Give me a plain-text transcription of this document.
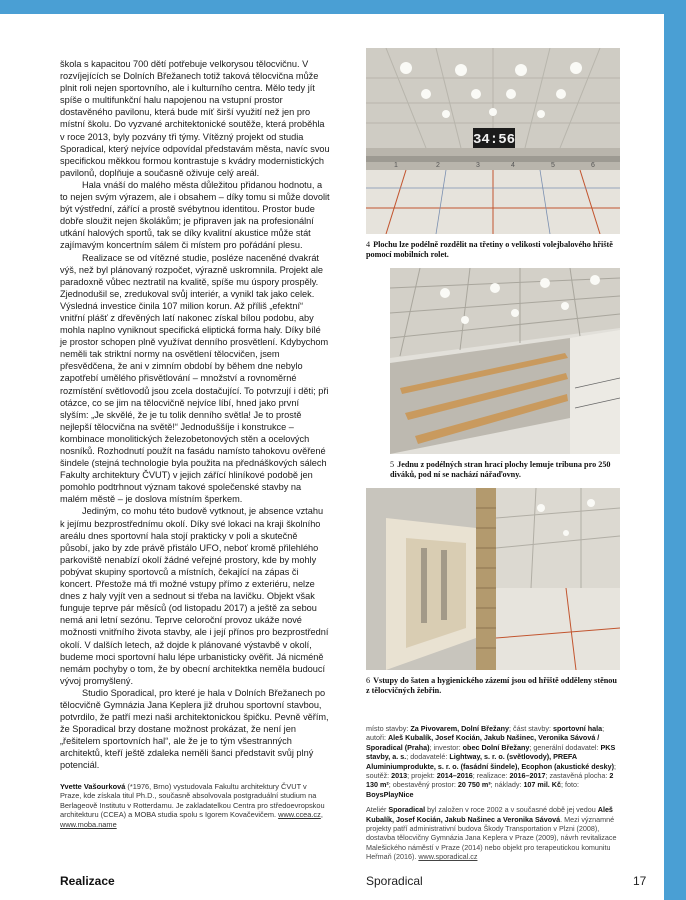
škola s kapacitou 700 dětí potřebuje velkorysou tělocvičnu. V rozvíjejících se Dolních Břežanech totiž taková tělocvična může plnit roli nejen sportovního, ale i kulturního centra. Mělo tedy jít spíše o multifunkční halu napojenou na vstupní prostor dostavěného pavilonu, která bude míť širší využití než jen pro místní školu. Do vyzvané architektonické soutěže, která proběhla v roce 2013, byly pozvány tři týmy. Vítězný projekt od studia Sporadical, který nejvíce odpovídal představám města, navíc svou specifickou měkkou formou kontrastuje s kvádry modernistických pavilonů, doplňuje a současně oživuje celý areál.

Hala vnáší do malého města důležitou přidanou hodnotu, a to nejen svým výrazem, ale i obsahem – díky tomu si může dovolit být výstřední, zářící a prostě svébytnou identitou. Prostor bude dobře sloužit nejen školákům; je připraven jak na profesionální utkání halových sportů, tak se díky kvalitní akustice může stát zajímavým koncertním sálem či místem pro pořádání plesu.

Realizace se od vítězné studie, posléze naceněné dvakrát výš, než byl plánovaný rozpočet, výrazně uskromnila. Projekt ale paradoxně vůbec neztratil na kvalitě, spíše mu úspory prospěly. Zjednodušil se, zredukoval svůj interiér, a vynikl tak jako celek. Výsledná investice činila 107 milion korun. Až příliš „efektní“ vnitřní plášť z dřevěných latí nakonec získal bílou podobu, aby mohla naplno vyniknout specifická eliptická forma haly. Díky bílé je prostor schopen plně využívat denního prosvětlení. Kdybychom neměli tak striktní normy na osvětlení tělocvičen, jsem přesvědčena, že ani v zimním období by během dne nebylo zapotřebí umělého přisvětlování – množství a rovnoměrné rozmístění světlovodů jsou zcela dostačující. To potvrzují i děti; při otázce, co se jim na tělocvičně nejvíce líbí, hned jako první slyším: „Je skvělé, že je tu tolik denního světla! Je to prostě nejlepší tělocvična na světě!“ Jednoduššíje i konstrukce – kombinace monolitických železobetonových stěn a ocelových nosníků. Rozhodnutí použít na fasádu namísto tahokovu ověřené šindele (stejná technologie byla použita na přednáškových sálech Fakulty architektury ČVUT) v jejich zářící hliníkové podobě jen pomohlo podtrhnout význam takové společenské stavby na malém městě – je doslova místním šperkem.

Jediným, co mohu této budově vytknout, je absence vztahu k jejímu bezprostřednímu okolí. Díky své lokaci na kraji školního areálu dnes sportovní hala stojí prakticky v poli a skutečně působí, jako by zde právě přistálo UFO, neboť kromě přilehlého parkoviště nenabízí okolí žádné veřejné prostory, kde by mohly pobývat skupiny sportovců a místních, čekající na zápas či koncert. Přestože má tři možné vstupy přímo z exteriéru, nelze dnes z haly vyjít ven a sednout si třeba na lavičku. Objekt však funguje teprve pár měsíců (od listopadu 2017) a ještě za sebou nemá ani letní sezónu. Teprve celoroční provoz ukáže nové možnosti vnitřního života stavby, ale i její přínos pro bezprostřední okolí. V dalších letech, až dojde k plánované výstavbě v okolí, budeme moci sportovní halu lépe urbanisticky ověřit. Já nicméně nemám pochyby o tom, že by obecní architektka neměla budoucí vývoj promyšlený.

Studio Sporadical, pro které je hala v Dolních Břežanech po tělocvičně Gymnázia Jana Keplera již druhou sportovní stavbou, potvrdilo, že patří mezi naši architektonickou špičku. Pevně věřím, že Sporadical brzy dostane možnost prokázat, že není jen „řešitelem sportovních hal“, ale že je to tým všestranných architektů, kteří ještě zdaleka neměli šanci představit svůj plný potenciál.

Yvette Vašourková (*1976, Brno) vystudovala Fakultu architektury ČVUT v Praze, kde získala titul Ph.D., současně absolvovala postgraduální studium na Berlageově Institutu v Rotterdamu. Je zakladatelkou Centra pro středoevropskou architekturu (CCEA) a MOBA studia spolu s Igorem Kovačevičem. www.ccea.cz, www.moba.name

34:56
1	2	3	4	5	6
4 Plochu lze podélně rozdělit na třetiny o velikosti volejbalového hřiště pomocí mobilních rolet.
5 Jednu z podélných stran hrací plochy lemuje tribuna pro 250 diváků, pod ní se nachází nářaďovny.
6 Vstupy do šaten a hygienického zázemí jsou od hřiště odděleny stěnou z tělocvičných žebřin.

místo stavby: Za Pivovarem, Dolní Břežany; část stavby: sportovní hala; autoři: Aleš Kubalík, Josef Kocián, Jakub Našinec, Veronika Sávová / Sporadical (Praha); investor: obec Dolní Břežany; generální dodavatel: PKS stavby, a. s.; dodavatelé: Lightway, s. r. o. (světlovody), PREFA Aluminiumprodukte, s. r. o. (fasádní šindele), Ecophon (akustické desky); soutěž: 2013; projekt: 2014–2016; realizace: 2016–2017; zastavěná plocha: 2 130 m²; obestavěný prostor: 20 750 m³; náklady: 107 mil. Kč; foto: BoysPlayNice

Ateliér Sporadical byl založen v roce 2002 a v současné době jej vedou Aleš Kubalík, Josef Kocián, Jakub Našinec a Veronika Sávová. Mezi významné projekty patří administrativní budova Škody Transportation v Plzni (2008), dostavba tělocvičny Gymnázia Jana Keplera v Praze (2009), návrh revitalizace Malešického náměstí v Praze (2014) nebo objekt pro terapeutickou komunitu Heřmaň (2016). www.sporadical.cz

Realizace	Sporadical	17
